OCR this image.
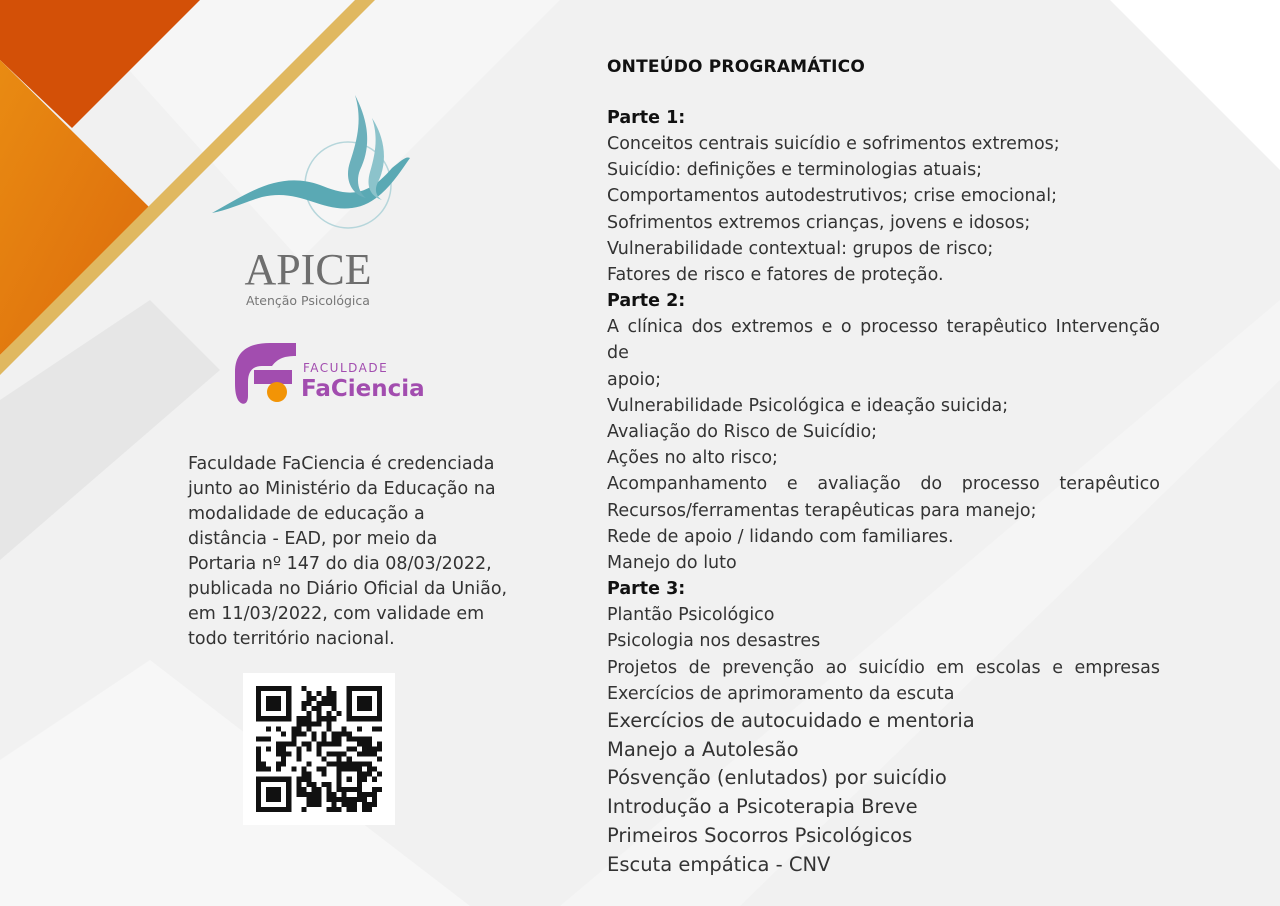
APICE
Atenção Psicológica
FACULDADE
FaCiencia

Faculdade FaCiencia é credenciada junto ao Ministério da Educação na modalidade de educação a distância - EAD, por meio da Portaria nº 147 do dia 08/03/2022, publicada no Diário Oficial da União, em 11/03/2022, com validade em todo território nacional.

ONTEÚDO PROGRAMÁTICO

Parte 1:

Conceitos centrais suicídio e sofrimentos extremos;

Suicídio: definições e terminologias atuais;

Comportamentos autodestrutivos; crise emocional;

Sofrimentos extremos crianças, jovens e idosos;

Vulnerabilidade contextual: grupos de risco;

Fatores de risco e fatores de proteção.

Parte 2:

A clínica dos extremos e o processo terapêutico Intervenção de

apoio;

Vulnerabilidade Psicológica e ideação suicida;

Avaliação do Risco de Suicídio;

Ações no alto risco;

Acompanhamento e avaliação do processo terapêutico

Recursos/ferramentas terapêuticas para manejo;

Rede de apoio / lidando com familiares.

Manejo do luto

Parte 3:

Plantão Psicológico

Psicologia nos desastres

Projetos de prevenção ao suicídio em escolas e empresas

Exercícios de aprimoramento da escuta

Exercícios de autocuidado e mentoria

Manejo a Autolesão

Pósvenção (enlutados) por suicídio

Introdução a Psicoterapia Breve

Primeiros Socorros Psicológicos

Escuta empática - CNV
